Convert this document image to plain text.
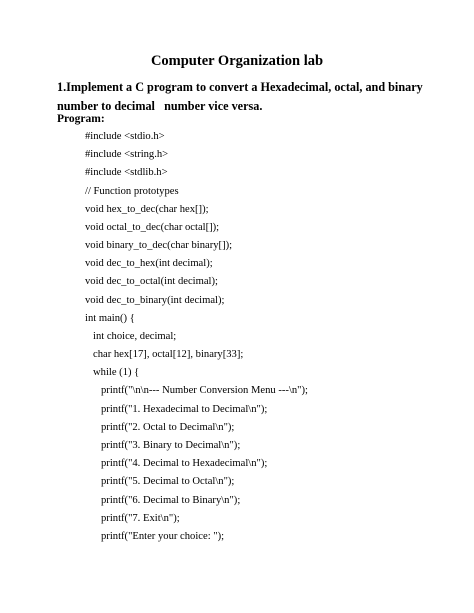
Computer Organization lab
1.Implement a C program to convert a Hexadecimal, octal, and binary
number to decimal   number vice versa.
Program:
#include <stdio.h>
#include <string.h>
#include <stdlib.h>
// Function prototypes
void hex_to_dec(char hex[]);
void octal_to_dec(char octal[]);
void binary_to_dec(char binary[]);
void dec_to_hex(int decimal);
void dec_to_octal(int decimal);
void dec_to_binary(int decimal);
int main() {
int choice, decimal;
char hex[17], octal[12], binary[33];
while (1) {
printf("\n\n--- Number Conversion Menu ---\n");
printf("1. Hexadecimal to Decimal\n");
printf("2. Octal to Decimal\n");
printf("3. Binary to Decimal\n");
printf("4. Decimal to Hexadecimal\n");
printf("5. Decimal to Octal\n");
printf("6. Decimal to Binary\n");
printf("7. Exit\n");
printf("Enter your choice: ");
